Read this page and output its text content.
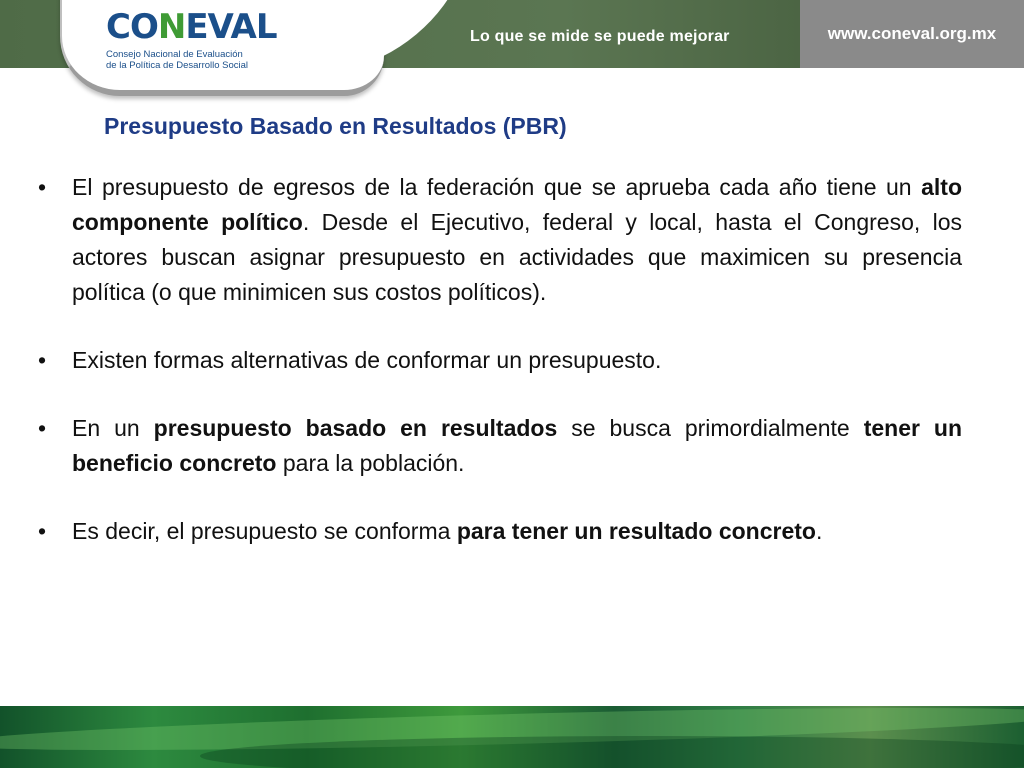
Lo que se mide se puede mejorar	www.coneval.org.mx
CONEVAL
Consejo Nacional de Evaluación
de la Política de Desarrollo Social
Presupuesto Basado en Resultados (PBR)
• El presupuesto de egresos de la federación que se aprueba cada año tiene un alto componente político. Desde el Ejecutivo, federal y local, hasta el Congreso, los actores buscan asignar presupuesto en actividades que maximicen su presencia política (o que minimicen sus costos políticos).
• Existen formas alternativas de conformar un presupuesto.
• En un presupuesto basado en resultados se busca primordialmente tener un beneficio concreto para la población.
• Es decir, el presupuesto se conforma para tener un resultado concreto.
